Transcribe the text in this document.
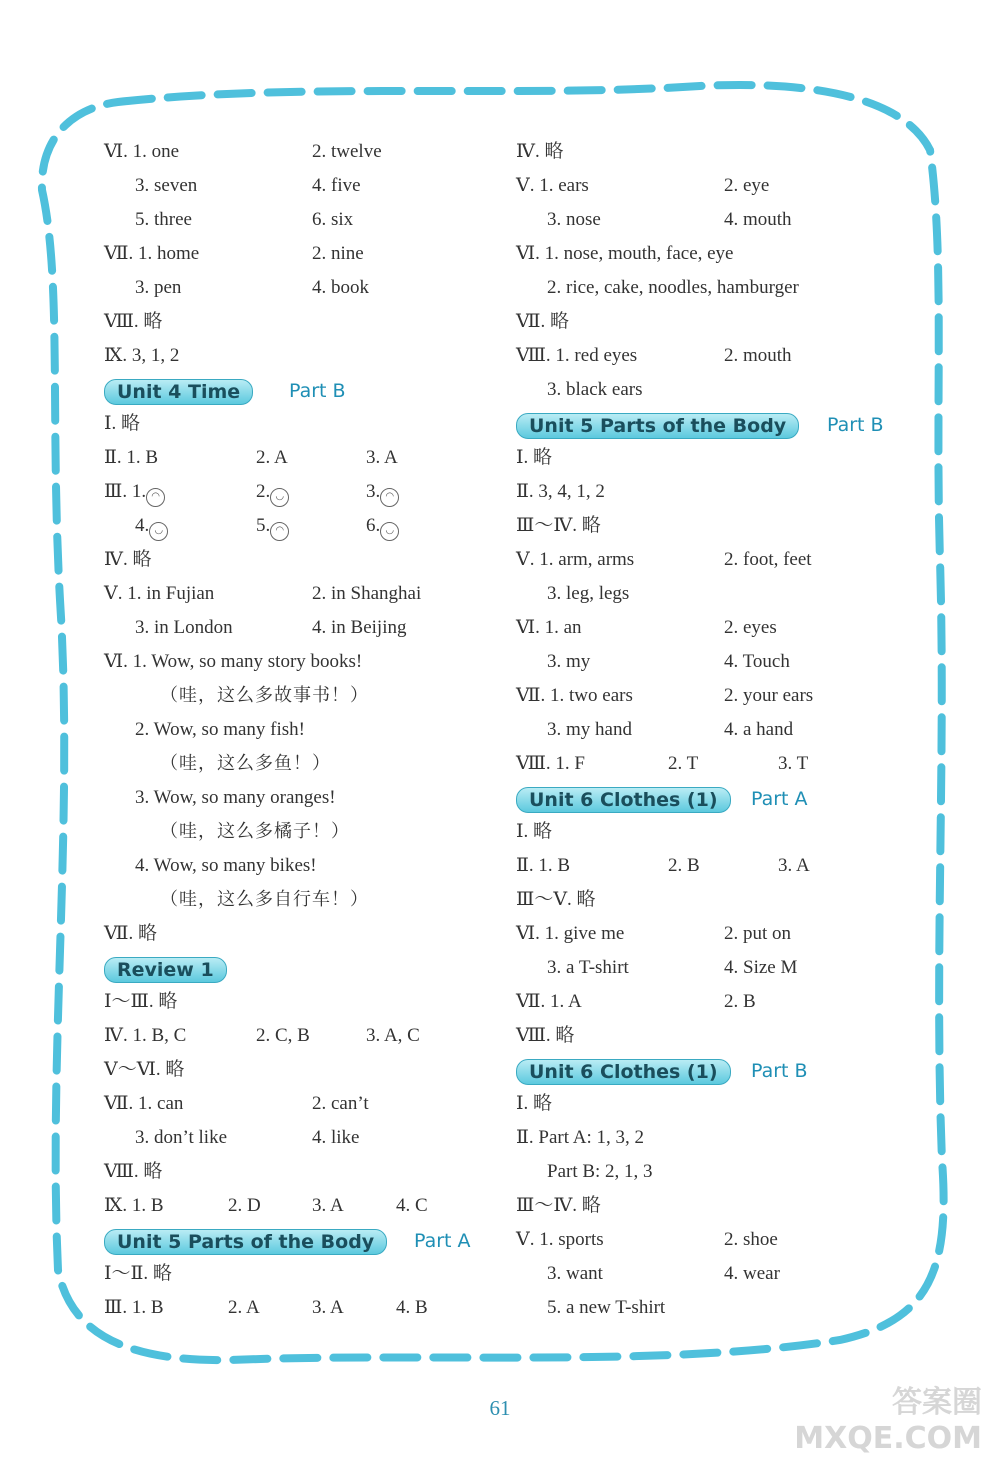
Ⅵ. 1. one	2. twelve
3. seven	4. five
5. three	6. six
Ⅶ. 1. home	2. nine
3. pen	4. book
Ⅷ. 略
Ⅸ. 3, 1, 2
Unit 4 Time	Part B
Ⅰ. 略
Ⅱ. 1. B	2. A	3. A
Ⅲ. 1. ◠	2. ◡	3. ◠
4. ◡	5. ◠	6. ◡
Ⅳ. 略
Ⅴ. 1. in Fujian	2. in Shanghai
3. in London	4. in Beijing
Ⅵ. 1. Wow, so many story books!
（哇，这么多故事书！）
2. Wow, so many fish!
（哇，这么多鱼！）
3. Wow, so many oranges!
（哇，这么多橘子！）
4. Wow, so many bikes!
（哇，这么多自行车！）
Ⅶ. 略
Review 1
Ⅰ～Ⅲ. 略
Ⅳ. 1. B, C	2. C, B	3. A, C
Ⅴ～Ⅵ. 略
Ⅶ. 1. can	2. can’t
3. don’t like	4. like
Ⅷ. 略
Ⅸ. 1. B	2. D	3. A	4. C
Unit 5 Parts of the Body	Part A
Ⅰ～Ⅱ. 略
Ⅲ. 1. B	2. A	3. A	4. B
Ⅳ. 略
Ⅴ. 1. ears	2. eye
3. nose	4. mouth
Ⅵ. 1. nose, mouth, face, eye
2. rice, cake, noodles, hamburger
Ⅶ. 略
Ⅷ. 1. red eyes	2. mouth
3. black ears
Unit 5 Parts of the Body	Part B
Ⅰ. 略
Ⅱ. 3, 4, 1, 2
Ⅲ～Ⅳ. 略
Ⅴ. 1. arm, arms	2. foot, feet
3. leg, legs
Ⅵ. 1. an	2. eyes
3. my	4. Touch
Ⅶ. 1. two ears	2. your ears
3. my hand	4. a hand
Ⅷ. 1. F	2. T	3. T
Unit 6 Clothes (1)	Part A
Ⅰ. 略
Ⅱ. 1. B	2. B	3. A
Ⅲ～Ⅴ. 略
Ⅵ. 1. give me	2. put on
3. a T-shirt	4. Size M
Ⅶ. 1. A	2. B
Ⅷ. 略
Unit 6 Clothes (1)	Part B
Ⅰ. 略
Ⅱ. Part A: 1, 3, 2
Part B: 2, 1, 3
Ⅲ～Ⅳ. 略
Ⅴ. 1. sports	2. shoe
3. want	4. wear
5. a new T-shirt
61	答案圈
MXQE.COM
